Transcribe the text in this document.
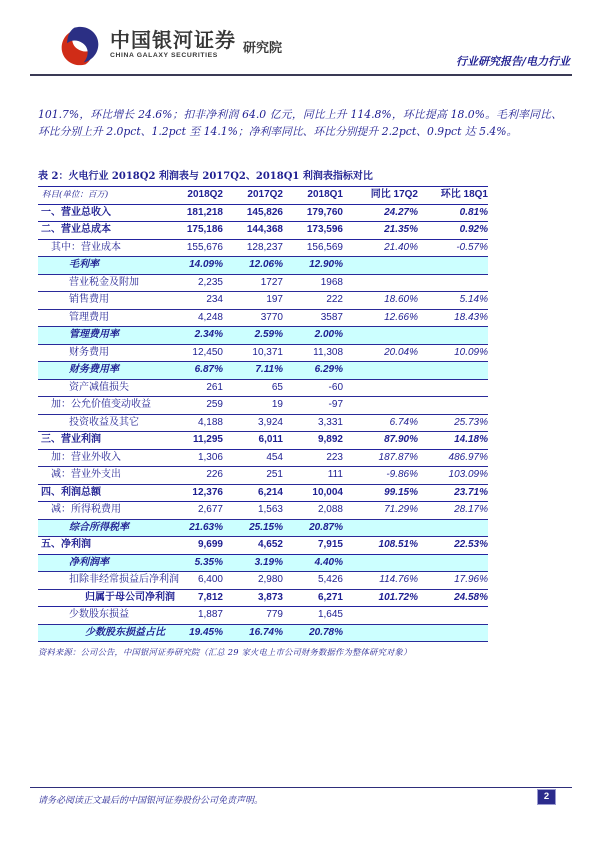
中国银河证券
CHINA GALAXY SECURITIES
研究院
行业研究报告/电力行业
101.7%，环比增长 24.6%；扣非净利润 64.0 亿元，同比上升 114.8%，环比提高 18.0%。毛利率同比、环比分别上升 2.0pct、1.2pct 至 14.1%；净利率同比、环比分别提升 2.2pct、0.9pct 达 5.4%。
表 2：火电行业 2018Q2 利润表与 2017Q2、2018Q1 利润表指标对比
科目(单位：百万)	2018Q2	2017Q2	2018Q1	同比 17Q2	环比 18Q1
一、营业总收入	181,218	145,826	179,760	24.27%	0.81%
二、营业总成本	175,186	144,368	173,596	21.35%	0.92%
其中：营业成本	155,676	128,237	156,569	21.40%	-0.57%
毛利率	14.09%	12.06%	12.90%		
营业税金及附加	2,235	1727	1968		
销售费用	234	197	222	18.60%	5.14%
管理费用	4,248	3770	3587	12.66%	18.43%
管理费用率	2.34%	2.59%	2.00%		
财务费用	12,450	10,371	11,308	20.04%	10.09%
财务费用率	6.87%	7.11%	6.29%		
资产减值损失	261	65	-60		
加：公允价值变动收益	259	19	-97		
投资收益及其它	4,188	3,924	3,331	6.74%	25.73%
三、营业利润	11,295	6,011	9,892	87.90%	14.18%
加：营业外收入	1,306	454	223	187.87%	486.97%
减：营业外支出	226	251	111	-9.86%	103.09%
四、利润总额	12,376	6,214	10,004	99.15%	23.71%
减：所得税费用	2,677	1,563	2,088	71.29%	28.17%
综合所得税率	21.63%	25.15%	20.87%		
五、净利润	9,699	4,652	7,915	108.51%	22.53%
净利润率	5.35%	3.19%	4.40%		
扣除非经常损益后净利润	6,400	2,980	5,426	114.76%	17.96%
归属于母公司净利润	7,812	3,873	6,271	101.72%	24.58%
少数股东损益	1,887	779	1,645		
少数股东损益占比	19.45%	16.74%	20.78%		
资料来源：公司公告，中国银河证券研究院（汇总 29 家火电上市公司财务数据作为整体研究对象）
请务必阅读正文最后的中国银河证券股份公司免责声明。	2
